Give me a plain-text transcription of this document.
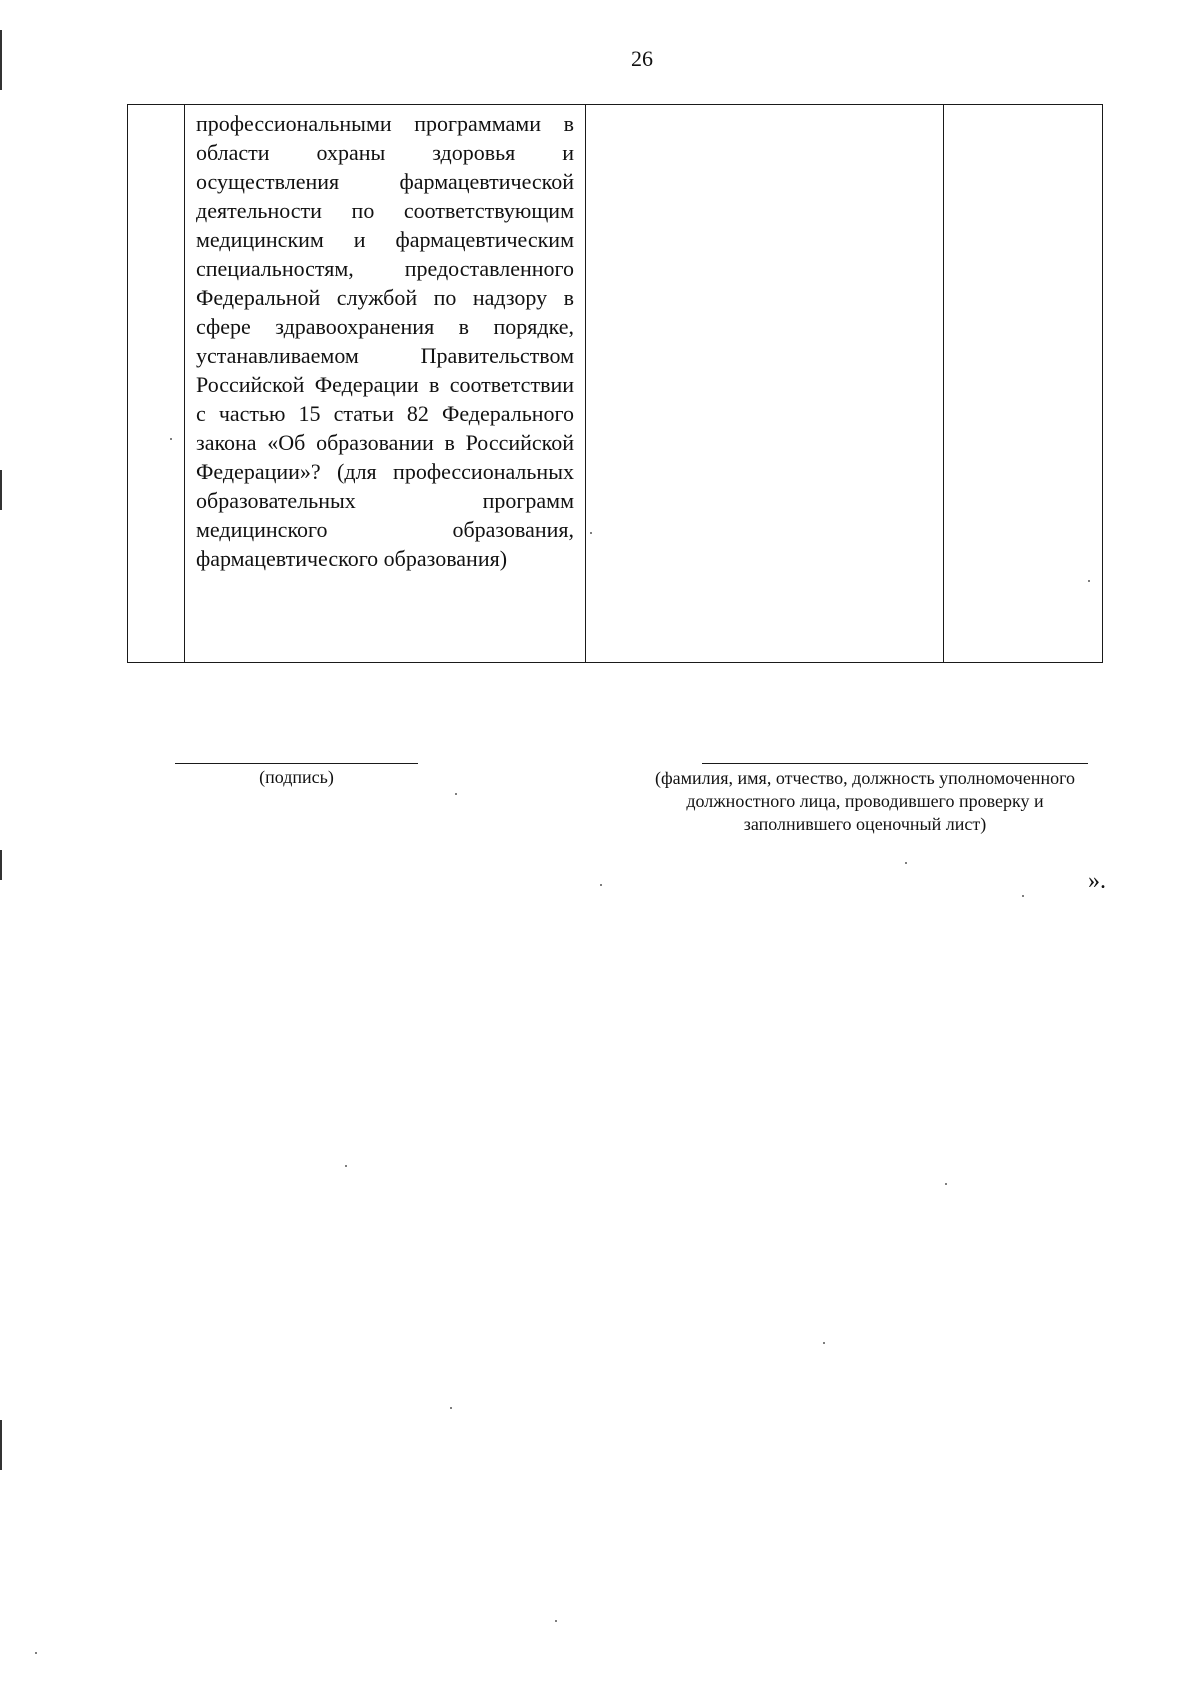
26

профессиональными программами в области охраны здоровья и осуществления фармацевтической деятельности по соответствующим медицинским и фармацевтическим специальностям, предоставленного Федеральной службой по надзору в сфере здравоохранения в порядке, устанавливаемом Правительством Российской Федерации в соответствии с частью 15 статьи 82 Федерального закона «Об образовании в Российской Федерации»? (для профессиональных образовательных программ медицинского образования,
фармацевтического образования)

(подпись)	(фамилия, имя, отчество, должность уполномоченного
должностного лица, проводившего проверку и
заполнившего оценочный лист)
».
